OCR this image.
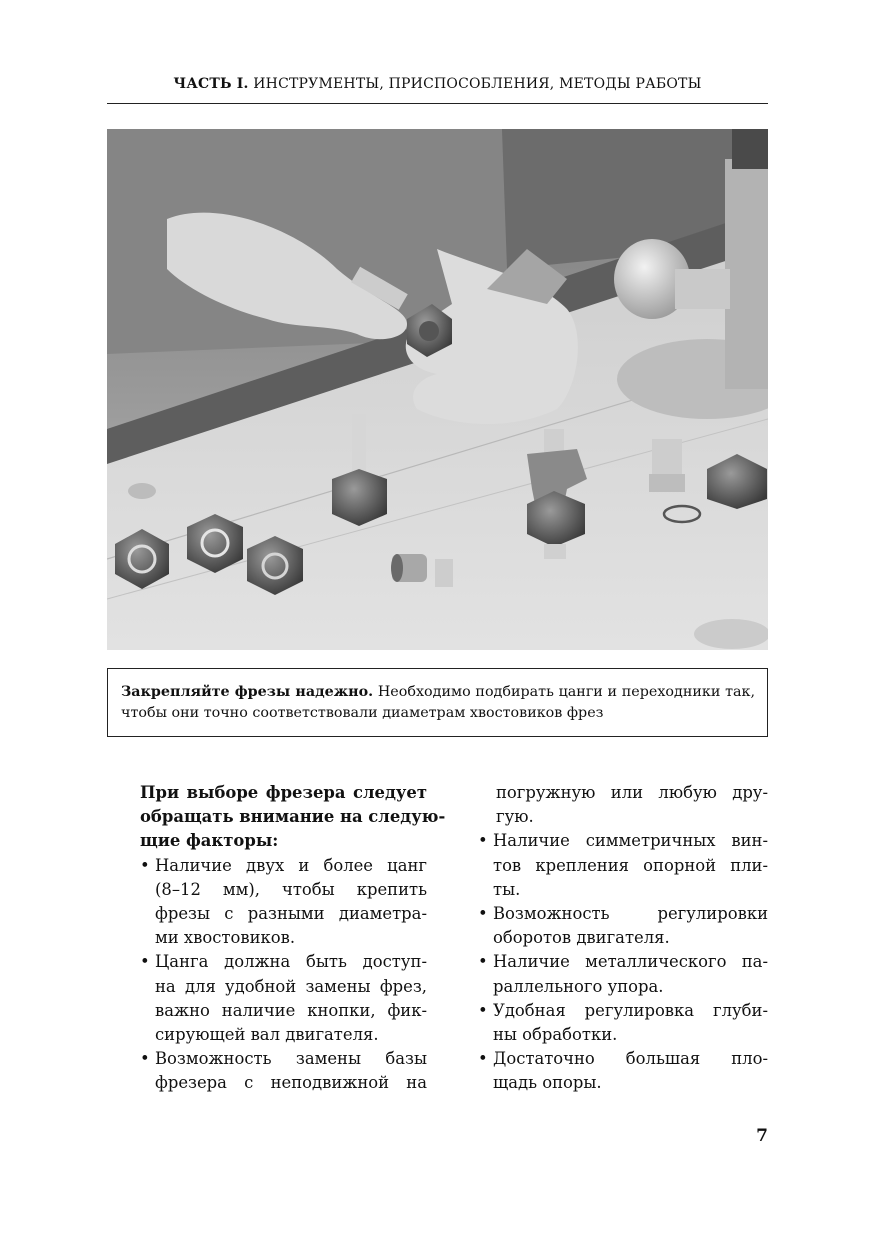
ЧАСТЬ I. ИНСТРУМЕНТЫ, ПРИСПОСОБЛЕНИЯ, МЕТОДЫ РАБОТЫ
Закрепляйте фрезы надежно. Необходимо подбирать цанги и переходники так, чтобы они точно соответствовали диаметрам хвостовиков фрез
При выборе фрезера следует
обращать внимание на следую-
щие факторы:
• Наличие двух и более цанг
(8–12 мм), чтобы крепить
фрезы с разными диаметра-
ми хвостовиков.
• Цанга должна быть доступ-
на для удобной замены фрез,
важно наличие кнопки, фик-
сирующей вал двигателя.
• Возможность замены базы
фрезера с неподвижной на
погружную или любую дру-
гую.
• Наличие симметричных вин-
тов крепления опорной пли-
ты.
• Возможность регулировки
оборотов двигателя.
• Наличие металлического па-
раллельного упора.
• Удобная регулировка глуби-
ны обработки.
• Достаточно большая пло-
щадь опоры.
7
